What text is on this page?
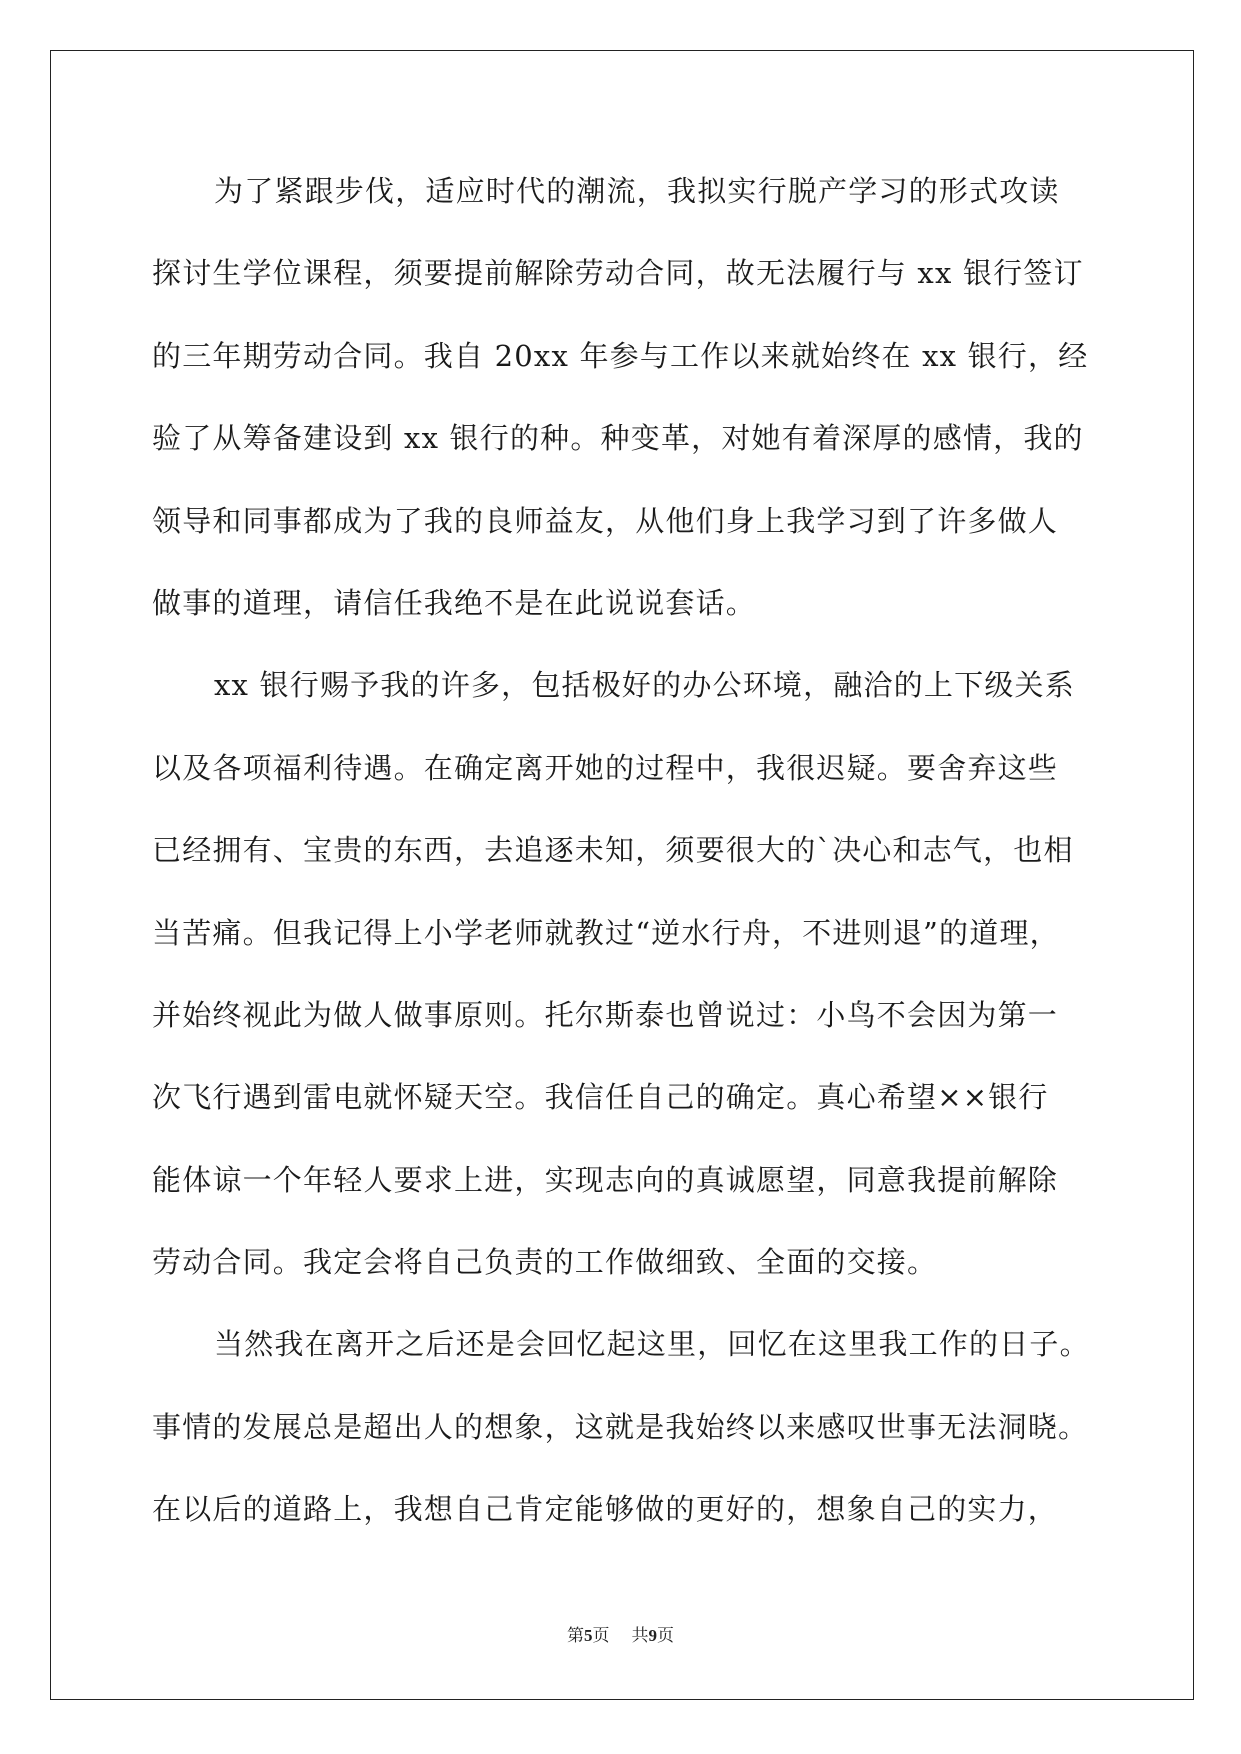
为了紧跟步伐，适应时代的潮流，我拟实行脱产学习的形式攻读
探讨生学位课程，须要提前解除劳动合同，故无法履行与 xx 银行签订
的三年期劳动合同。我自 20xx 年参与工作以来就始终在 xx 银行，经
验了从筹备建设到 xx 银行的种。种变革，对她有着深厚的感情，我的
领导和同事都成为了我的良师益友，从他们身上我学习到了许多做人
做事的道理，请信任我绝不是在此说说套话。
xx 银行赐予我的许多，包括极好的办公环境，融洽的上下级关系
以及各项福利待遇。在确定离开她的过程中，我很迟疑。要舍弃这些
已经拥有、宝贵的东西，去追逐未知，须要很大的`决心和志气，也相
当苦痛。但我记得上小学老师就教过“逆水行舟，不进则退”的道理，
并始终视此为做人做事原则。托尔斯泰也曾说过：小鸟不会因为第一
次飞行遇到雷电就怀疑天空。我信任自己的确定。真心希望××银行
能体谅一个年轻人要求上进，实现志向的真诚愿望，同意我提前解除
劳动合同。我定会将自己负责的工作做细致、全面的交接。
当然我在离开之后还是会回忆起这里，回忆在这里我工作的日子。
事情的发展总是超出人的想象，这就是我始终以来感叹世事无法洞晓。
在以后的道路上，我想自己肯定能够做的更好的，想象自己的实力，
第5页 共9页
